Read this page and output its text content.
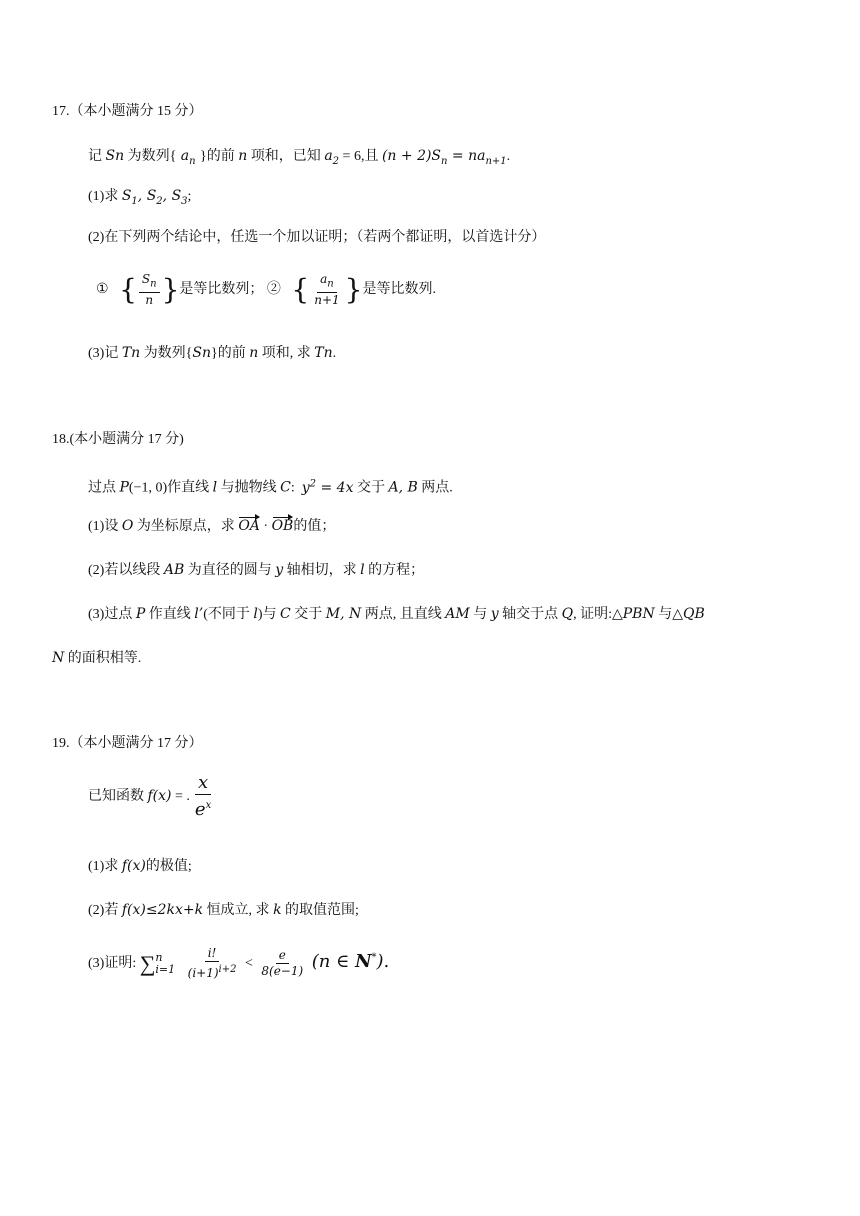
17.（本小题满分 15 分）
记 Sn 为数列{ $a_n$ }的前 n 项和，已知 $a_2 = 6$,且 $(n + 2)S_n = na_{n+1}$.
(1)求 $S_1$, $S_2$, $S_3$;
(2)在下列两个结论中，任选一个加以证明；（若两个都证明，以首选计分）
① { $\frac{S_n}{n}$ }是等比数列； ② { $\frac{a_n}{n+1}$ }是等比数列.
(3)记 Tn 为数列{Sn}的前 n 项和, 求 Tn.
18.(本小题满分 17 分)
过点 P(−1, 0)作直线 l 与抛物线 C:  $y^2 = 4x$ 交于 A, B 两点.
(1)设 O 为坐标原点，求 OA · OB的值；
(2)若以线段 AB 为直径的圆与 y 轴相切，求 l 的方程；
(3)过点 P 作直线 l’(不同于 l)与 C 交于 M, N 两点, 且直线 AM 与 y 轴交于点 Q, 证明:△PBN 与△QB
N 的面积相等.
19.（本小题满分 17 分）
已知函数 f(x) = . $\frac{x}{e^x}$
(1)求 f(x)的极值;
(2)若 f(x)≤2kx+k 恒成立, 求 k 的取值范围;
(3)证明: ∑ n
i=1
$\frac{i!}{(i+1)^{i+2}} < \frac{e}{8(e-1)} (n$ ∈ N*).
